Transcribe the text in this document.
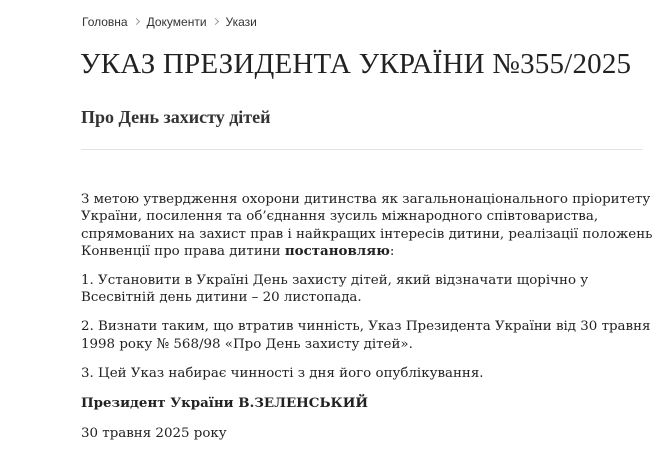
Головна Документи Укази
УКАЗ ПРЕЗИДЕНТА УКРАЇНИ №355/2025
Про День захисту дітей

З метою утвердження охорони дитинства як загальнонаціонального пріоритету України, посилення та об’єднання зусиль міжнародного співтовариства, спрямованих на захист прав і найкращих інтересів дитини, реалізації положень Конвенції про права дитини постановляю:

1. Установити в Україні День захисту дітей, який відзначати щорічно у Всесвітній день дитини – 20 листопада.

2. Визнати таким, що втратив чинність, Указ Президента України від 30 травня 1998 року № 568/98 «Про День захисту дітей».

3. Цей Указ набирає чинності з дня його опублікування.

Президент України В.ЗЕЛЕНСЬКИЙ

30 травня 2025 року
